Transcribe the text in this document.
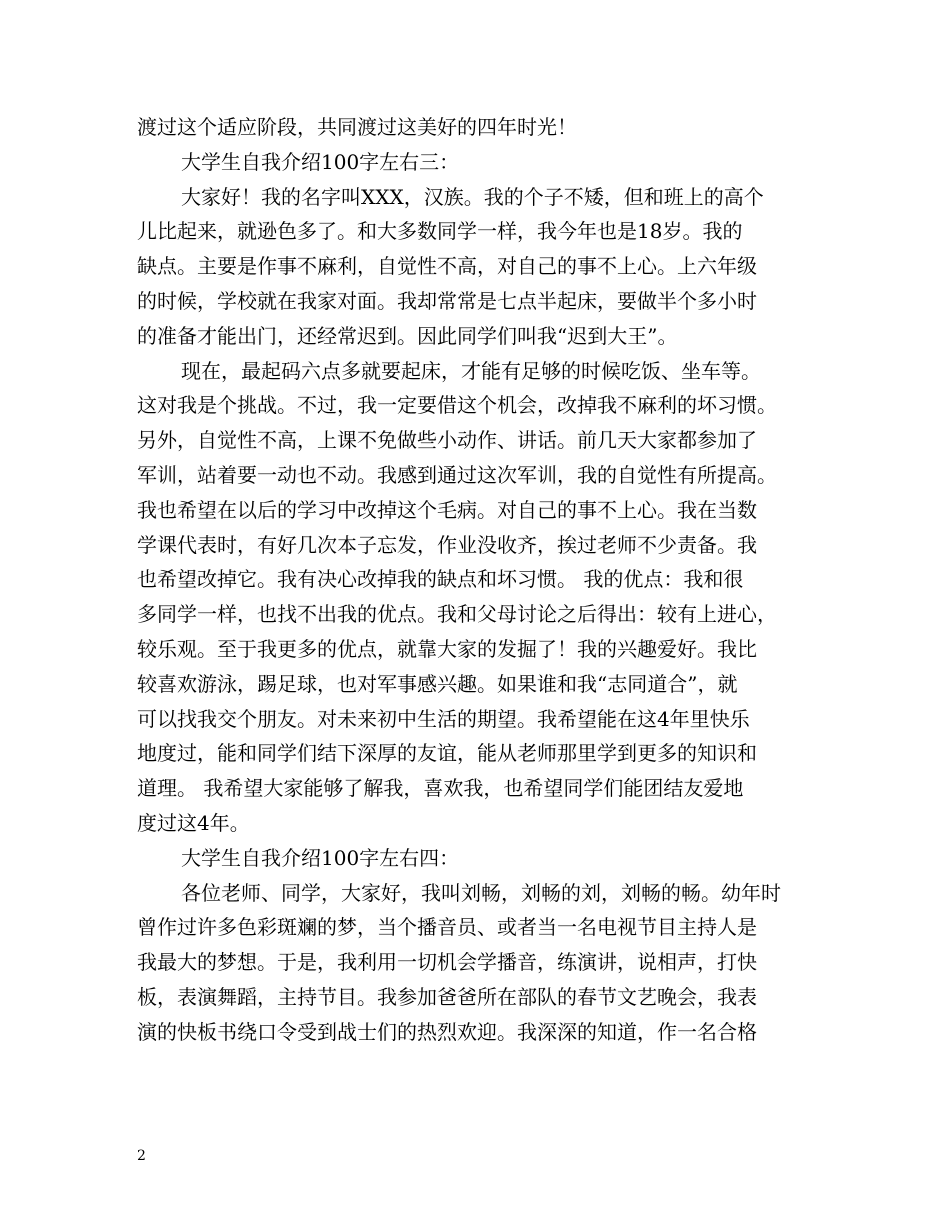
渡过这个适应阶段，共同渡过这美好的四年时光！
大学生自我介绍100字左右三：
大家好！我的名字叫XXX，汉族。我的个子不矮，但和班上的高个
儿比起来，就逊色多了。和大多数同学一样，我今年也是18岁。我的
缺点。主要是作事不麻利，自觉性不高，对自己的事不上心。上六年级
的时候，学校就在我家对面。我却常常是七点半起床，要做半个多小时
的准备才能出门，还经常迟到。因此同学们叫我“迟到大王”。
现在，最起码六点多就要起床，才能有足够的时候吃饭、坐车等。
这对我是个挑战。不过，我一定要借这个机会，改掉我不麻利的坏习惯。
另外，自觉性不高，上课不免做些小动作、讲话。前几天大家都参加了
军训，站着要一动也不动。我感到通过这次军训，我的自觉性有所提高。
我也希望在以后的学习中改掉这个毛病。对自己的事不上心。我在当数
学课代表时，有好几次本子忘发，作业没收齐，挨过老师不少责备。我
也希望改掉它。我有决心改掉我的缺点和坏习惯。 我的优点：我和很
多同学一样，也找不出我的优点。我和父母讨论之后得出：较有上进心，
较乐观。至于我更多的优点，就靠大家的发掘了！我的兴趣爱好。我比
较喜欢游泳，踢足球，也对军事感兴趣。如果谁和我“志同道合”，就
可以找我交个朋友。对未来初中生活的期望。我希望能在这4年里快乐
地度过，能和同学们结下深厚的友谊，能从老师那里学到更多的知识和
道理。 我希望大家能够了解我，喜欢我，也希望同学们能团结友爱地
度过这4年。
大学生自我介绍100字左右四：
各位老师、同学，大家好，我叫刘畅，刘畅的刘，刘畅的畅。幼年时
曾作过许多色彩斑斓的梦，当个播音员、或者当一名电视节目主持人是
我最大的梦想。于是，我利用一切机会学播音，练演讲，说相声，打快
板，表演舞蹈，主持节目。我参加爸爸所在部队的春节文艺晚会，我表
演的快板书绕口令受到战士们的热烈欢迎。我深深的知道，作一名合格
2
